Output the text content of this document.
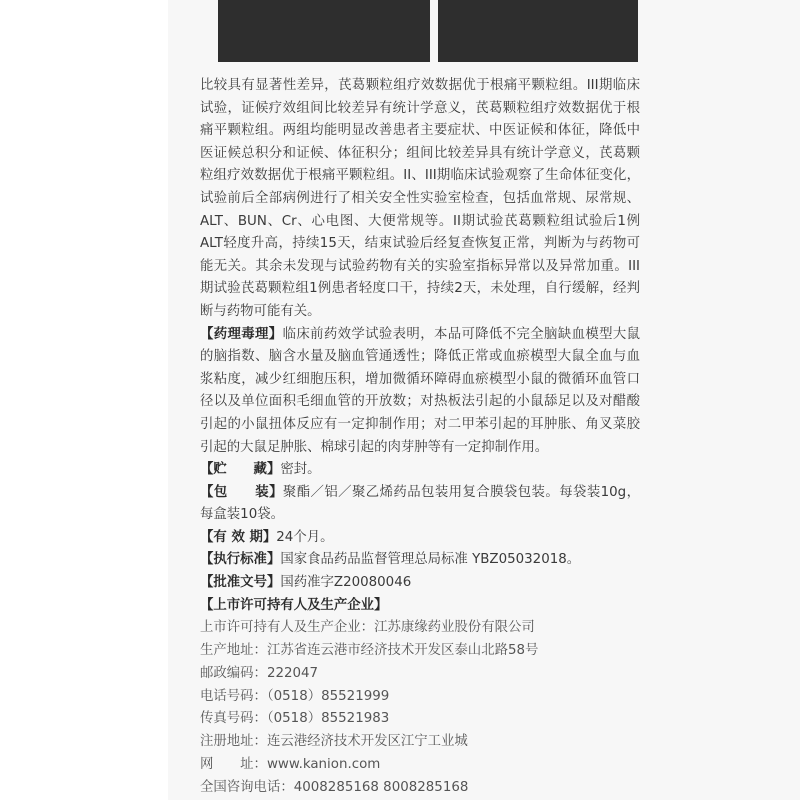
比较具有显著性差异，芪葛颗粒组疗效数据优于根痛平颗粒组。III期临床试验，证候疗效组间比较差异有统计学意义，芪葛颗粒组疗效数据优于根痛平颗粒组。两组均能明显改善患者主要症状、中医证候和体征，降低中医证候总积分和证候、体征积分；组间比较差异具有统计学意义，芪葛颗粒组疗效数据优于根痛平颗粒组。II、III期临床试验观察了生命体征变化，试验前后全部病例进行了相关安全性实验室检查，包括血常规、尿常规、ALT、BUN、Cr、心电图、大便常规等。II期试验芪葛颗粒组试验后1例ALT轻度升高，持续15天，结束试验后经复查恢复正常，判断为与药物可能无关。其余未发现与试验药物有关的实验室指标异常以及异常加重。III期试验芪葛颗粒组1例患者轻度口干，持续2天，未处理，自行缓解，经判断与药物可能有关。

【药理毒理】临床前药效学试验表明，本品可降低不完全脑缺血模型大鼠的脑指数、脑含水量及脑血管通透性；降低正常或血瘀模型大鼠全血与血浆粘度，减少红细胞压积，增加微循环障碍血瘀模型小鼠的微循环血管口径以及单位面积毛细血管的开放数；对热板法引起的小鼠舔足以及对醋酸引起的小鼠扭体反应有一定抑制作用；对二甲苯引起的耳肿胀、角叉菜胶引起的大鼠足肿胀、棉球引起的肉芽肿等有一定抑制作用。

【贮　　藏】密封。

【包　　装】聚酯／铝／聚乙烯药品包装用复合膜袋包装。每袋装10g，每盒装10袋。

【有 效 期】24个月。

【执行标准】国家食品药品监督管理总局标准 YBZ05032018。

【批准文号】国药准字Z20080046

【上市许可持有人及生产企业】

上市许可持有人及生产企业：江苏康缘药业股份有限公司

生产地址：江苏省连云港市经济技术开发区泰山北路58号

邮政编码：222047

电话号码：（0518）85521999

传真号码：（0518）85521983

注册地址：连云港经济技术开发区江宁工业城

网　　址：www.kanion.com

全国咨询电话：4008285168 8008285168
